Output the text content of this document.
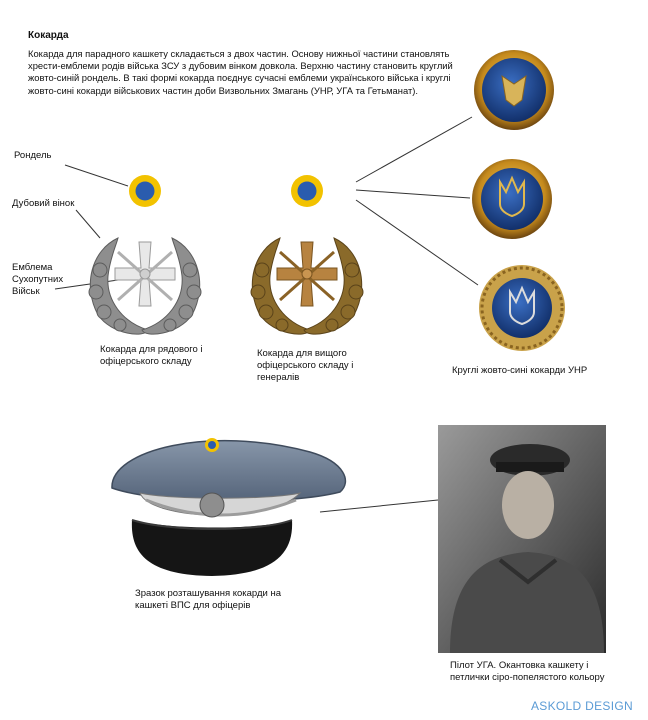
Кокарда
Кокарда для парадного кашкету складається з двох частин. Основу нижньої частини становлять хрести-емблеми родів війська ЗСУ з дубовим вінком довкола. Верхню частину становить круглий жовто-синій рондель. В такі формі кокарда поєднує сучасні емблеми українського війська і круглі жовто-сині кокарди військових частин доби Визвольних Змагань (УНР, УГА та Гетьманат).
Рондель
Дубовий вінок
Емблема Сухопутних Військ
Кокарда для рядового і офіцерського складу
Кокарда для вищого офіцерського складу і генералів
Круглі жовто-сині кокарди УНР
Зразок розташування кокарди на кашкеті ВПС для офіцерів
Пілот УГА. Окантовка кашкету і петлички сіро-попелястого кольору
ASKOLD DESIGN
